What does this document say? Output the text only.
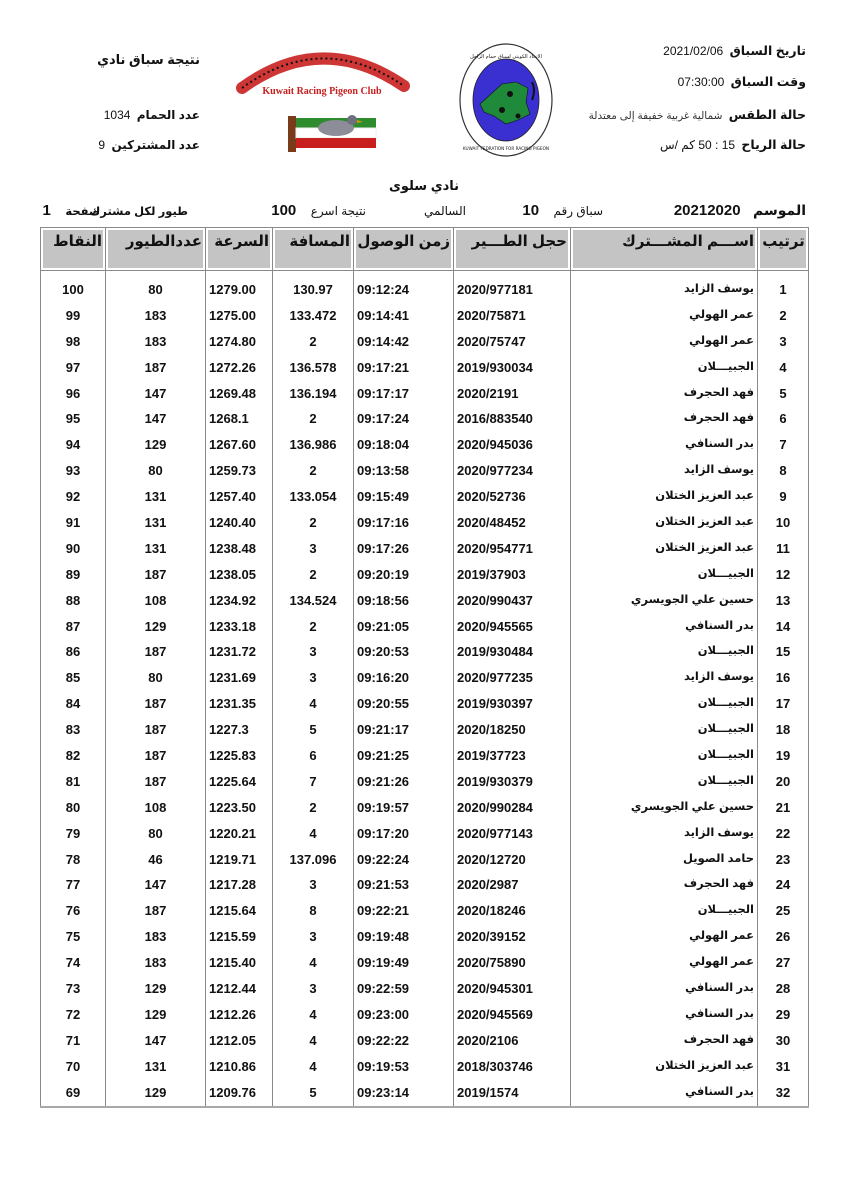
تاريخ السباق 2021/02/06
وقت السباق 07:30:00
حالة الطقس شمالية غربية خفيفة إلى معتدلة
حالة الرياح 15 : 50 كم /س
الاتحاد الكويتي لسباق حمام الزاجل
KUWAIT FEDRATION FOR RACING PIGEON
Kuwait Racing Pigeon Club
نتيجة سباق نادي
عدد الحمام 1034
عدد المشتركين 9
نادي سلوى
الموسم 20212020
سباق رقم 10
السالمي
نتيجة اسرع 100
طيور لكل مشترك
صفحة 1
ترتيب	اســـم المشـــترك	حجل الطـــير	زمن الوصول	المسافة	السرعة	عددالطيور	النقاط

1	يوسف الزايد	2020/977181	09:12:24	130.97	1279.00	80	100
2	عمر الهولي	2020/75871	09:14:41	133.472	1275.00	183	99
3	عمر الهولي	2020/75747	09:14:42	2	1274.80	183	98
4	الجبيـــلان	2019/930034	09:17:21	136.578	1272.26	187	97
5	فهد الحجرف	2020/2191	09:17:17	136.194	1269.48	147	96
6	فهد الحجرف	2016/883540	09:17:24	2	1268.1	147	95
7	بدر السنافي	2020/945036	09:18:04	136.986	1267.60	129	94
8	يوسف الزايد	2020/977234	09:13:58	2	1259.73	80	93
9	عبد العزيز الختلان	2020/52736	09:15:49	133.054	1257.40	131	92
10	عبد العزيز الختلان	2020/48452	09:17:16	2	1240.40	131	91
11	عبد العزيز الختلان	2020/954771	09:17:26	3	1238.48	131	90
12	الجبيـــلان	2019/37903	09:20:19	2	1238.05	187	89
13	حسين علي الجويسري	2020/990437	09:18:56	134.524	1234.92	108	88
14	بدر السنافي	2020/945565	09:21:05	2	1233.18	129	87
15	الجبيـــلان	2019/930484	09:20:53	3	1231.72	187	86
16	يوسف الزايد	2020/977235	09:16:20	3	1231.69	80	85
17	الجبيـــلان	2019/930397	09:20:55	4	1231.35	187	84
18	الجبيـــلان	2020/18250	09:21:17	5	1227.3	187	83
19	الجبيـــلان	2019/37723	09:21:25	6	1225.83	187	82
20	الجبيـــلان	2019/930379	09:21:26	7	1225.64	187	81
21	حسين علي الجويسري	2020/990284	09:19:57	2	1223.50	108	80
22	يوسف الزايد	2020/977143	09:17:20	4	1220.21	80	79
23	حامد الصويل	2020/12720	09:22:24	137.096	1219.71	46	78
24	فهد الحجرف	2020/2987	09:21:53	3	1217.28	147	77
25	الجبيـــلان	2020/18246	09:22:21	8	1215.64	187	76
26	عمر الهولي	2020/39152	09:19:48	3	1215.59	183	75
27	عمر الهولي	2020/75890	09:19:49	4	1215.40	183	74
28	بدر السنافي	2020/945301	09:22:59	3	1212.44	129	73
29	بدر السنافي	2020/945569	09:23:00	4	1212.26	129	72
30	فهد الحجرف	2020/2106	09:22:22	4	1212.05	147	71
31	عبد العزيز الختلان	2018/303746	09:19:53	4	1210.86	131	70
32	بدر السنافي	2019/1574	09:23:14	5	1209.76	129	69
